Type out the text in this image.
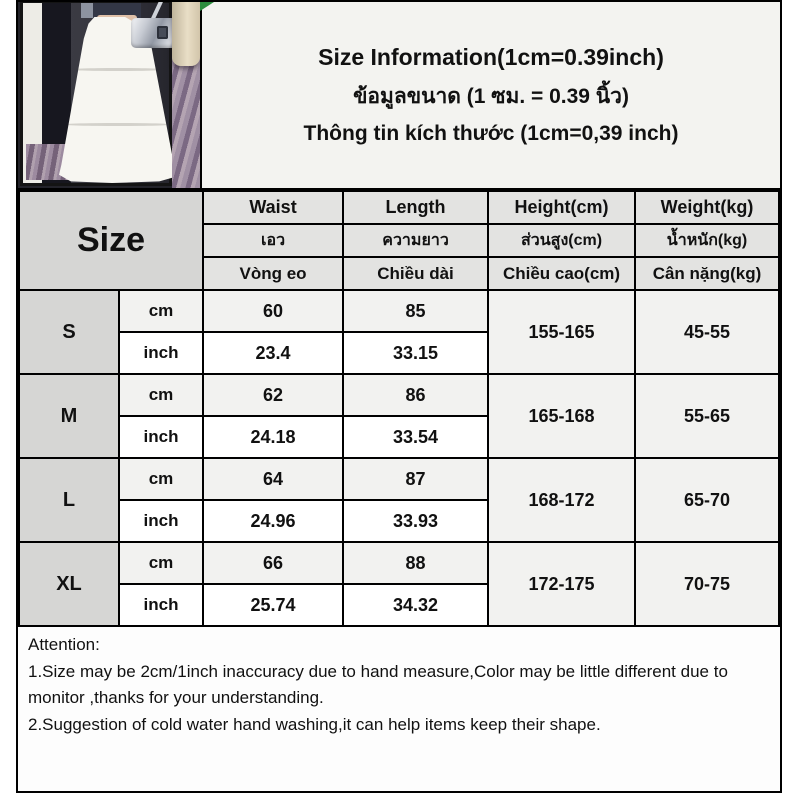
Size Information(1cm=0.39inch)
ข้อมูลขนาด (1 ซม. = 0.39 นิ้ว)
Thông tin kích thước (1cm=0,39 inch)
Size		Waist	Length	Height(cm)	Weight(kg)
		เอว	ความยาว	ส่วนสูง(cm)	น้ำหนัก(kg)
		Vòng eo	Chiều dài	Chiều cao(cm)	Cân nặng(kg)
S	cm	60	85	155-165	45-55
	inch	23.4	33.15		
M	cm	62	86	165-168	55-65
	inch	24.18	33.54		
L	cm	64	87	168-172	65-70
	inch	24.96	33.93		
XL	cm	66	88	172-175	70-75
	inch	25.74	34.32		
Attention:
1.Size may be 2cm/1inch inaccuracy due to hand measure,Color may be little different due to monitor ,thanks for your understanding.
2.Suggestion of cold water hand washing,it can help items keep their shape.
